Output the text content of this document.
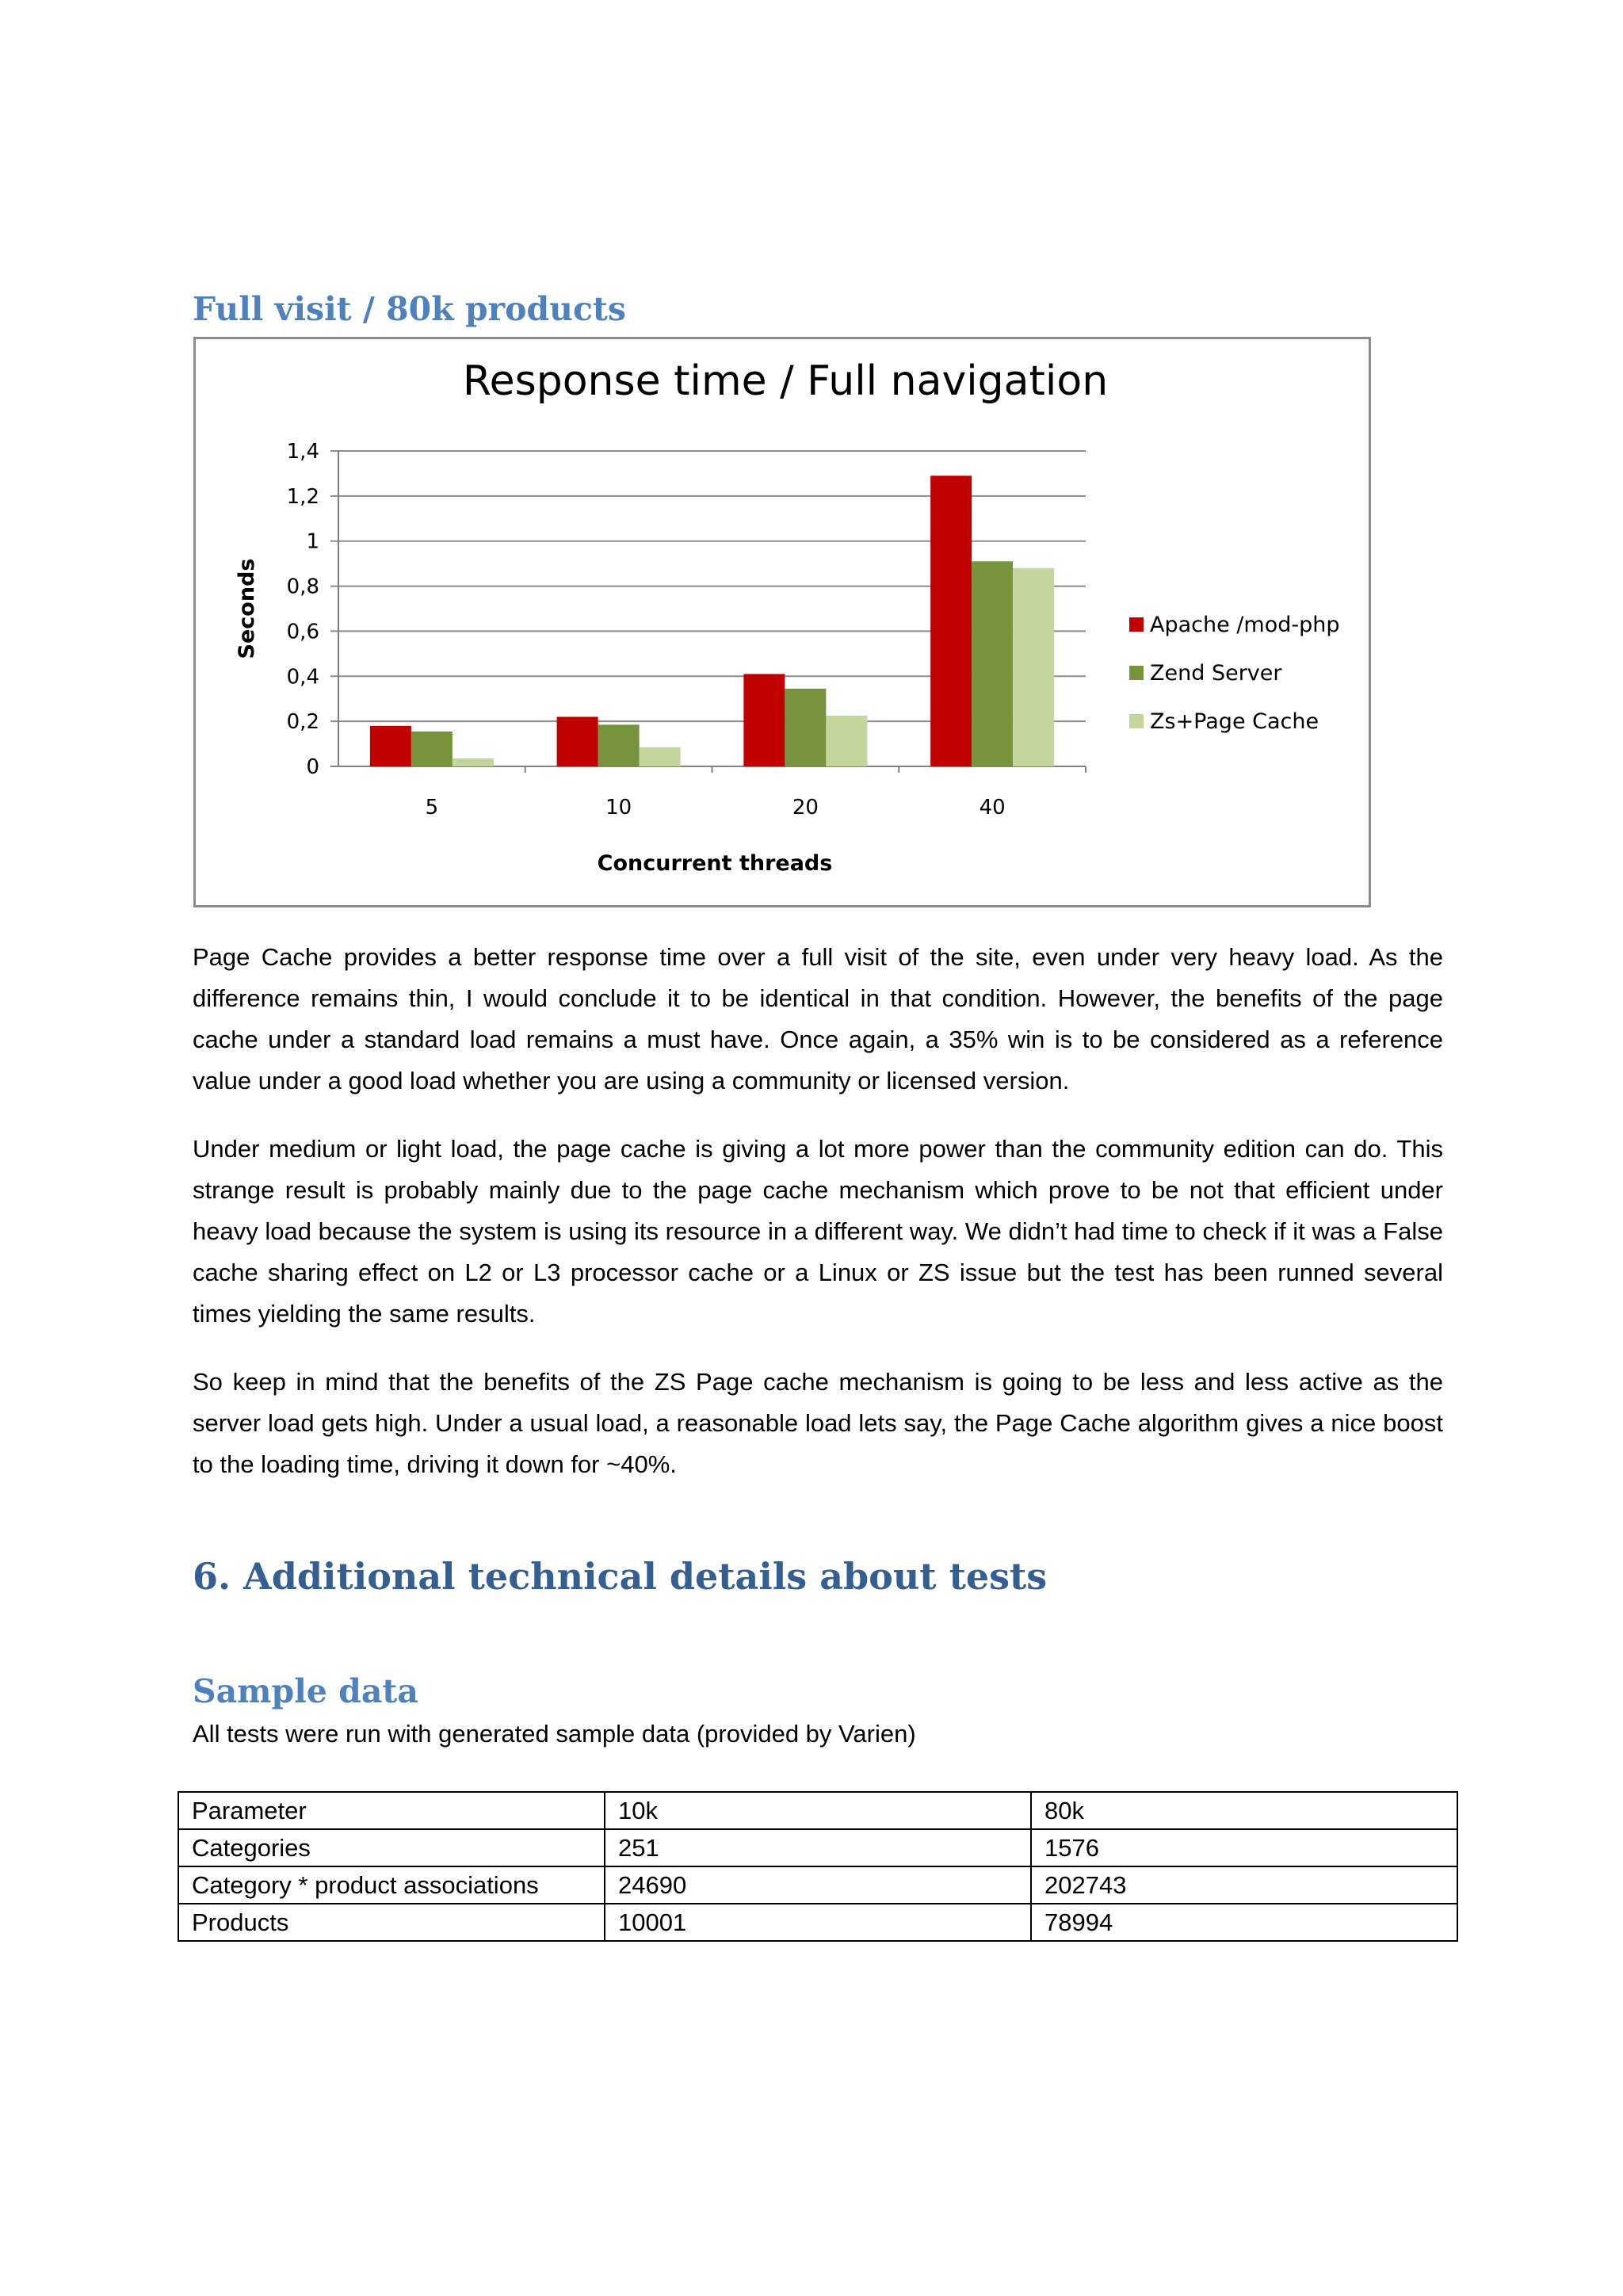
Full visit / 80k products
0
0,2
0,4
0,6
0,8
1
1,2
1,4
5	10	20	40
Apache /mod-php
Zend Server
Zs+Page Cache
Response time / Full navigation
Seconds
Concurrent threads

Page Cache provides a better response time over a full visit of the site, even under very heavy load. As the difference remains thin, I would conclude it to be identical in that condition. However, the benefits of the page cache under a standard load remains a must have. Once again, a 35% win is to be considered as a reference value under a good load whether you are using a community or licensed version.

Under medium or light load, the page cache is giving a lot more power than the community edition can do. This strange result is probably mainly due to the page cache mechanism which prove to be not that efficient under heavy load because the system is using its resource in a different way. We didn’t had time to check if it was a False cache sharing effect on L2 or L3 processor cache or a Linux or ZS issue but the test has been runned several times yielding the same results.

So keep in mind that the benefits of the ZS Page cache mechanism is going to be less and less active as the server load gets high. Under a usual load, a reasonable load lets say, the Page Cache algorithm gives a nice boost to the loading time, driving it down for ~40%.

6. Additional technical details about tests
Sample data

All tests were run with generated sample data (provided by Varien)

Parameter	10k	80k
Categories	251	1576
Category * product associations	24690	202743
Products	10001	78994
